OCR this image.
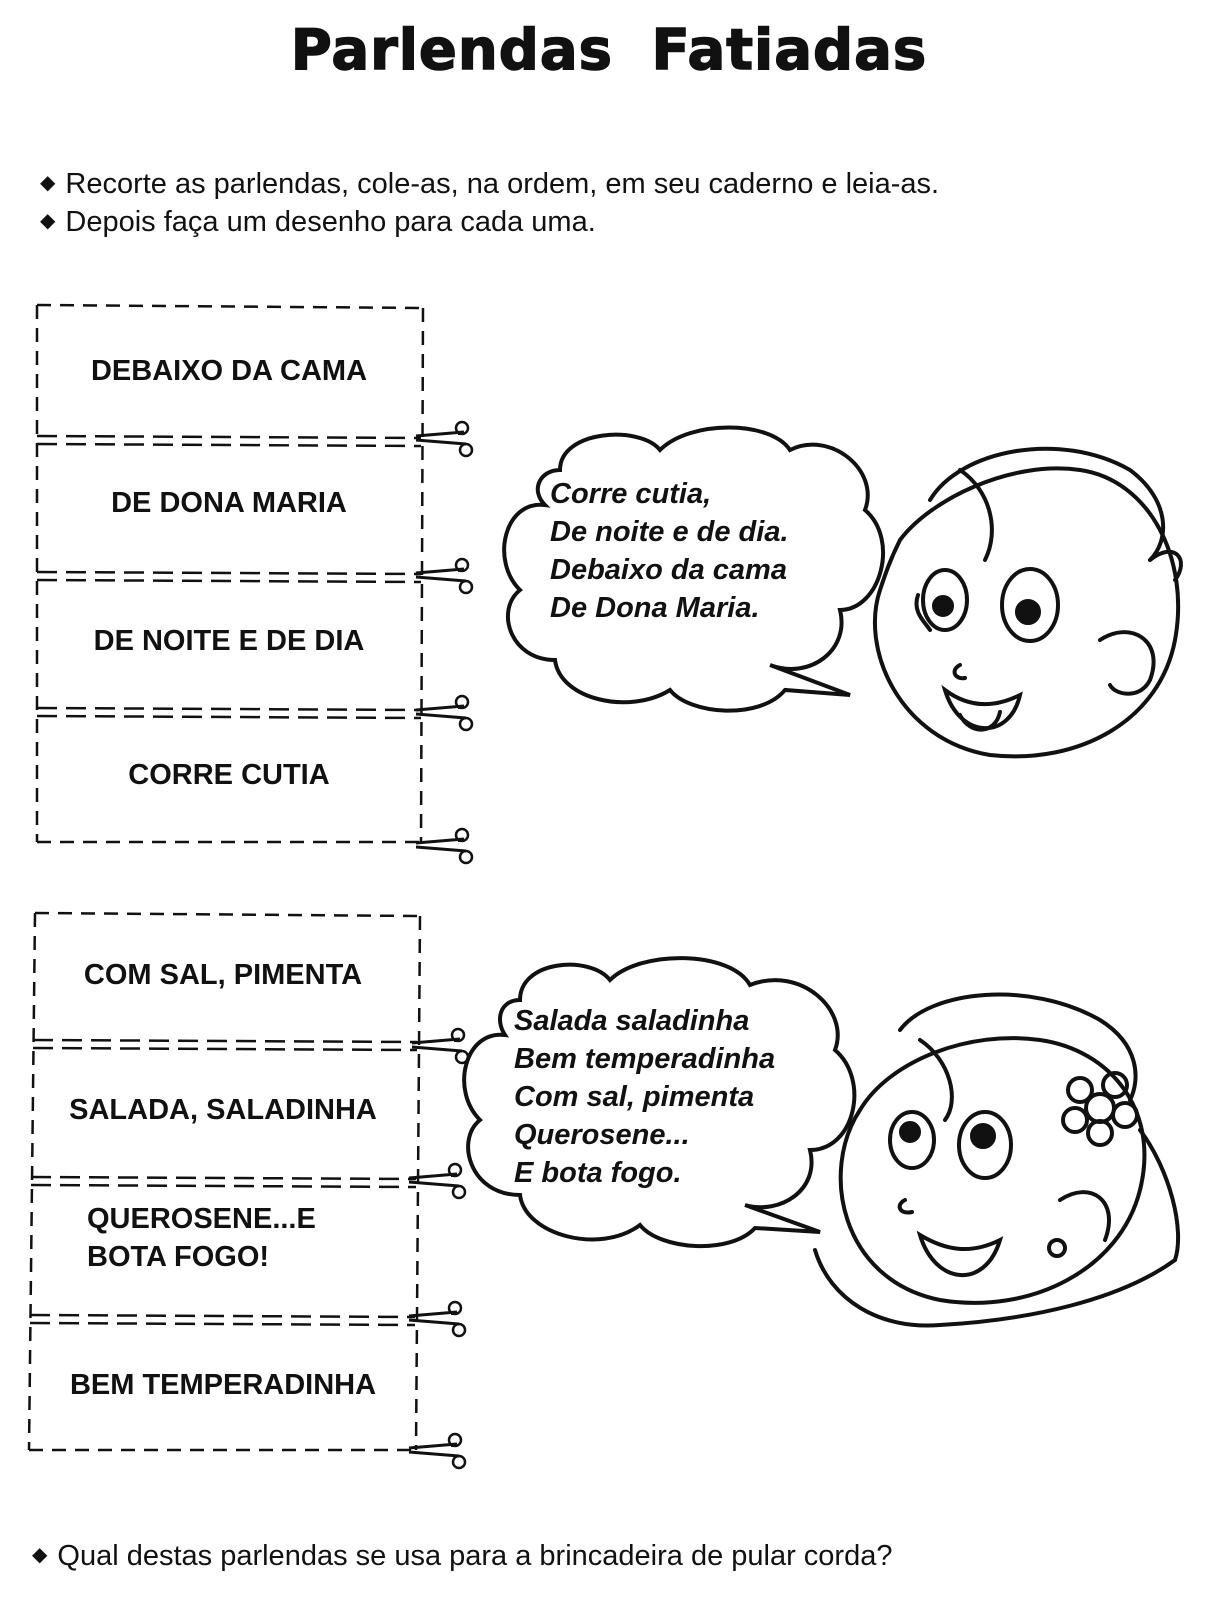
Parlendas Fatiadas
◆ Recorte as parlendas, cole-as, na ordem, em seu caderno e leia-as.
◆ Depois faça um desenho para cada uma.
DEBAIXO DA CAMA
DE DONA MARIA
DE NOITE E DE DIA
CORRE CUTIA
Corre cutia,
De noite e de dia.
Debaixo da cama
De Dona Maria.
COM SAL, PIMENTA
SALADA, SALADINHA
QUEROSENE...E
BOTA FOGO!
BEM TEMPERADINHA
Salada saladinha
Bem temperadinha
Com sal, pimenta
Querosene...
E bota fogo.
◆ Qual destas parlendas se usa para a brincadeira de pular corda?
